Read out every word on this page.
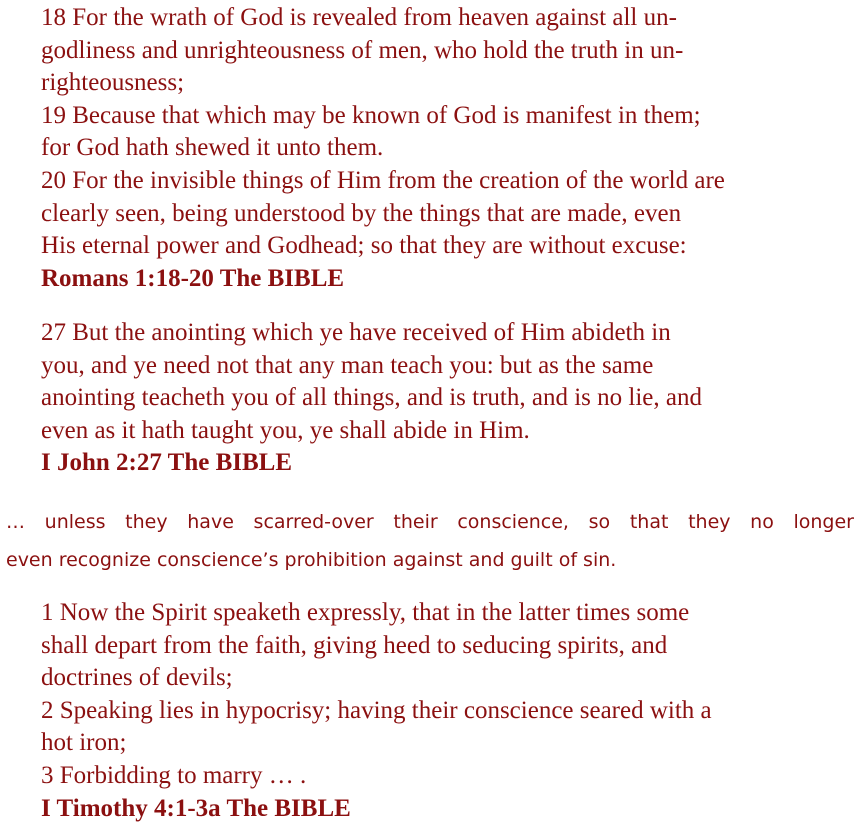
18 For the wrath of God is revealed from heaven against all un-
godliness and unrighteousness of men, who hold the truth in un-
righteousness;
19 Because that which may be known of God is manifest in them;
for God hath shewed it unto them.
20 For the invisible things of Him from the creation of the world are
clearly seen, being understood by the things that are made, even
His eternal power and Godhead; so that they are without excuse:
Romans 1:18-20 The BIBLE
27 But the anointing which ye have received of Him abideth in
you, and ye need not that any man teach you: but as the same
anointing teacheth you of all things, and is truth, and is no lie, and
even as it hath taught you, ye shall abide in Him.
I John 2:27 The BIBLE
… unless they have scarred-over their conscience, so that they no longer
even recognize conscience’s prohibition against and guilt of sin.
1 Now the Spirit speaketh expressly, that in the latter times some
shall depart from the faith, giving heed to seducing spirits, and
doctrines of devils;
2 Speaking lies in hypocrisy; having their conscience seared with a
hot iron;
3 Forbidding to marry … .
I Timothy 4:1-3a The BIBLE
